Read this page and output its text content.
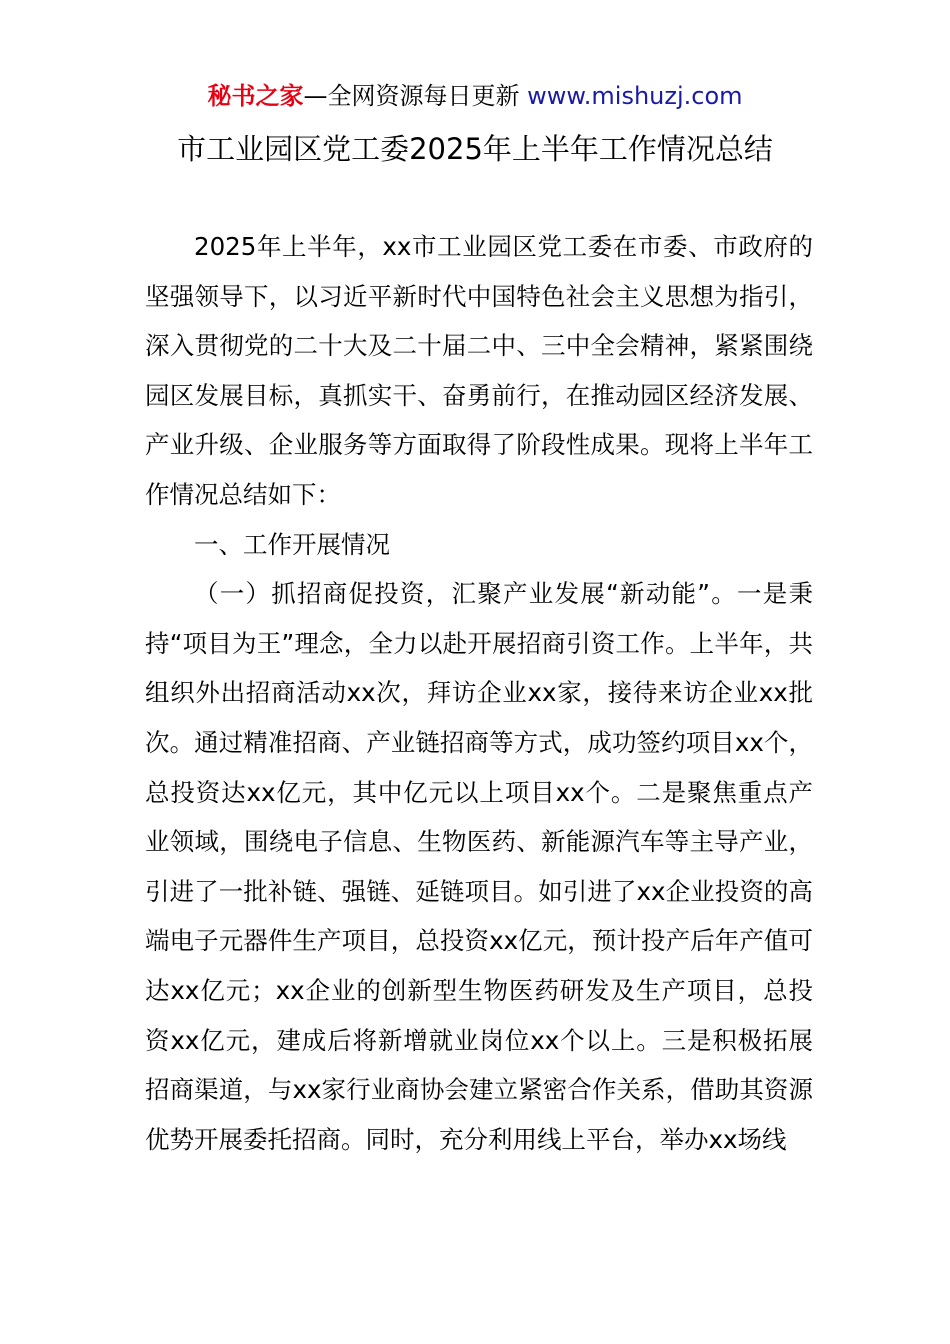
秘书之家—全网资源每日更新 www.mishuzj.com
市工业园区党工委2025年上半年工作情况总结

2025年上半年，xx市工业园区党工委在市委、市政府的坚强领导下，以习近平新时代中国特色社会主义思想为指引，深入贯彻党的二十大及二十届二中、三中全会精神，紧紧围绕园区发展目标，真抓实干、奋勇前行，在推动园区经济发展、产业升级、企业服务等方面取得了阶段性成果。现将上半年工作情况总结如下：

一、工作开展情况

（一）抓招商促投资，汇聚产业发展“新动能”。一是秉持“项目为王”理念，全力以赴开展招商引资工作。上半年，共组织外出招商活动xx次，拜访企业xx家，接待来访企业xx批次。通过精准招商、产业链招商等方式，成功签约项目xx个，总投资达xx亿元，其中亿元以上项目xx个。二是聚焦重点产业领域，围绕电子信息、生物医药、新能源汽车等主导产业，引进了一批补链、强链、延链项目。如引进了xx企业投资的高端电子元器件生产项目，总投资xx亿元，预计投产后年产值可达xx亿元；xx企业的创新型生物医药研发及生产项目，总投资xx亿元，建成后将新增就业岗位xx个以上。三是积极拓展招商渠道，与xx家行业商协会建立紧密合作关系，借助其资源优势开展委托招商。同时，充分利用线上平台，举办xx场线
